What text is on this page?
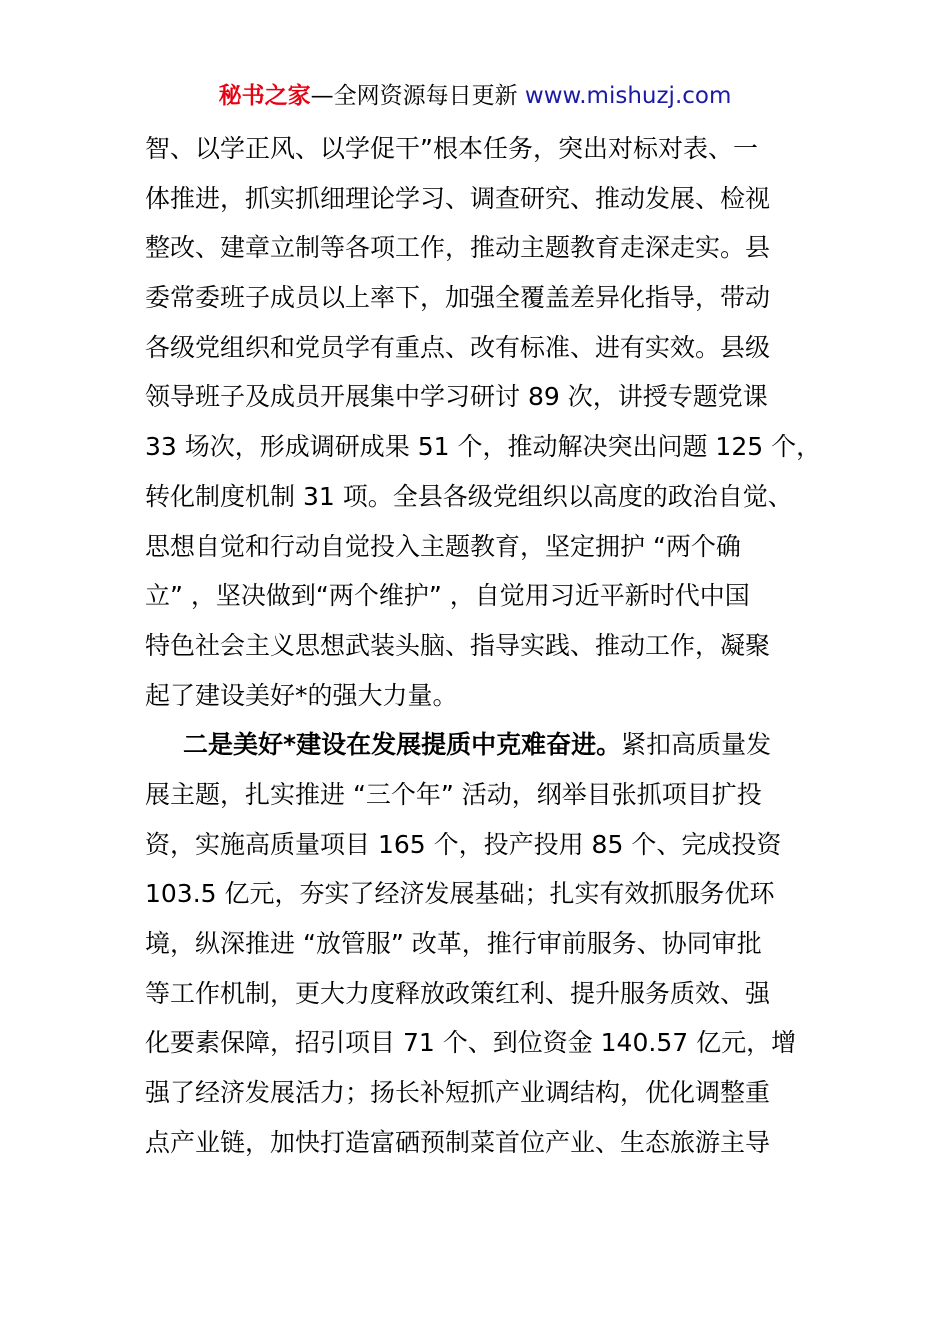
秘书之家—全网资源每日更新 www.mishuzj.com
智、以学正风、以学促干”根本任务，突出对标对表、一
体推进，抓实抓细理论学习、调查研究、推动发展、检视
整改、建章立制等各项工作，推动主题教育走深走实。县
委常委班子成员以上率下，加强全覆盖差异化指导，带动
各级党组织和党员学有重点、改有标准、进有实效。县级
领导班子及成员开展集中学习研讨 89 次，讲授专题党课
33 场次，形成调研成果 51 个，推动解决突出问题 125 个，
转化制度机制 31 项。全县各级党组织以高度的政治自觉、
思想自觉和行动自觉投入主题教育，坚定拥护 “两个确
立” ，坚决做到“两个维护” ，自觉用习近平新时代中国
特色社会主义思想武装头脑、指导实践、推动工作，凝聚
起了建设美好*的强大力量。
二是美好*建设在发展提质中克难奋进。紧扣高质量发
展主题，扎实推进 “三个年” 活动，纲举目张抓项目扩投
资，实施高质量项目 165 个，投产投用 85 个、完成投资
103.5 亿元，夯实了经济发展基础；扎实有效抓服务优环
境，纵深推进 “放管服” 改革，推行审前服务、协同审批
等工作机制，更大力度释放政策红利、提升服务质效、强
化要素保障，招引项目 71 个、到位资金 140.57 亿元，增
强了经济发展活力；扬长补短抓产业调结构，优化调整重
点产业链，加快打造富硒预制菜首位产业、生态旅游主导
